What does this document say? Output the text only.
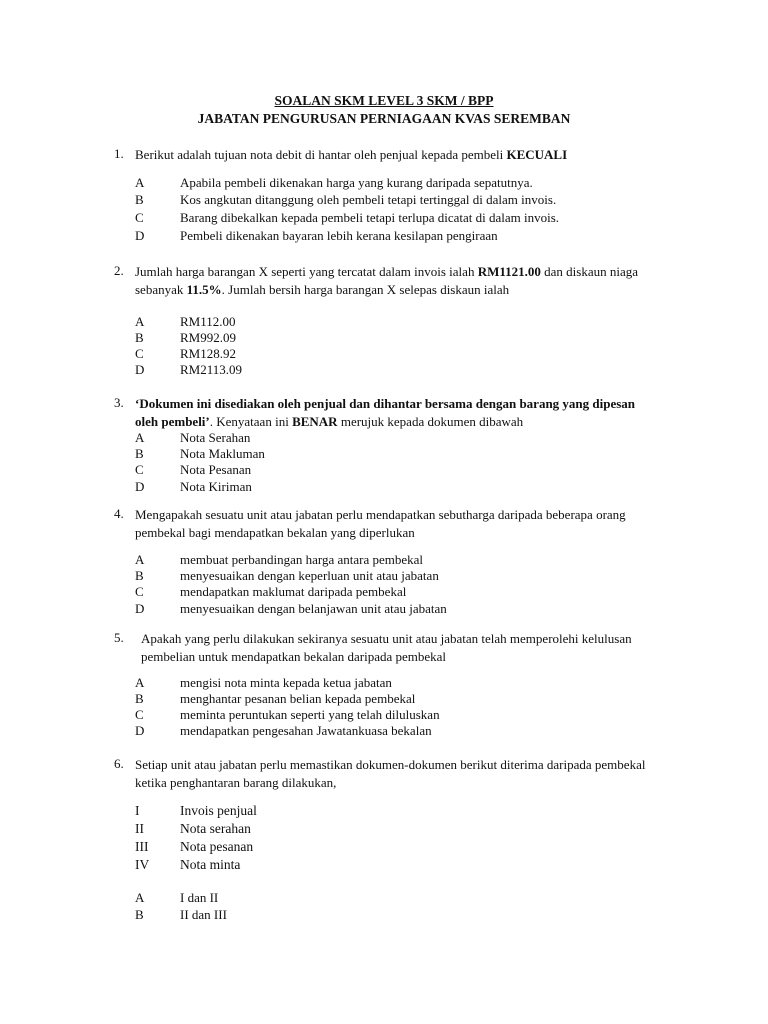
SOALAN SKM LEVEL 3 SKM / BPP
JABATAN PENGURUSAN PERNIAGAAN KVAS SEREMBAN
1. Berikut adalah tujuan nota debit di hantar oleh penjual kepada pembeli KECUALI
A	Apabila pembeli dikenakan harga yang kurang daripada sepatutnya.
B	Kos angkutan ditanggung oleh pembeli tetapi tertinggal di dalam invois.
C	Barang dibekalkan kepada pembeli tetapi terlupa dicatat di dalam invois.
D	Pembeli dikenakan bayaran lebih kerana kesilapan pengiraan
2. Jumlah harga barangan X seperti yang tercatat dalam invois ialah RM1121.00 dan diskaun niaga
sebanyak 11.5%. Jumlah bersih harga barangan X selepas diskaun ialah
A	RM112.00
B	RM992.09
C	RM128.92
D	RM2113.09
3. ‘Dokumen ini disediakan oleh penjual dan dihantar bersama dengan barang yang dipesan
oleh pembeli’. Kenyataan ini BENAR merujuk kepada dokumen dibawah
A	Nota Serahan
B	Nota Makluman
C	Nota Pesanan
D	Nota Kiriman
4. Mengapakah sesuatu unit atau jabatan perlu mendapatkan sebutharga daripada beberapa orang
pembekal bagi mendapatkan bekalan yang diperlukan
A	membuat perbandingan harga antara pembekal
B	menyesuaikan dengan keperluan unit atau jabatan
C	mendapatkan maklumat daripada pembekal
D	menyesuaikan dengan belanjawan unit atau jabatan
5. Apakah yang perlu dilakukan sekiranya sesuatu unit atau jabatan telah memperolehi kelulusan
pembelian untuk mendapatkan bekalan daripada pembekal
A	mengisi nota minta kepada ketua jabatan
B	menghantar pesanan belian kepada pembekal
C	meminta peruntukan seperti yang telah diluluskan
D	mendapatkan pengesahan Jawatankuasa bekalan
6. Setiap unit atau jabatan perlu memastikan dokumen-dokumen berikut diterima daripada pembekal
ketika penghantaran barang dilakukan,
I	Invois penjual
II	Nota serahan
III Nota pesanan
IV Nota minta
A	I dan II
B	II dan III
